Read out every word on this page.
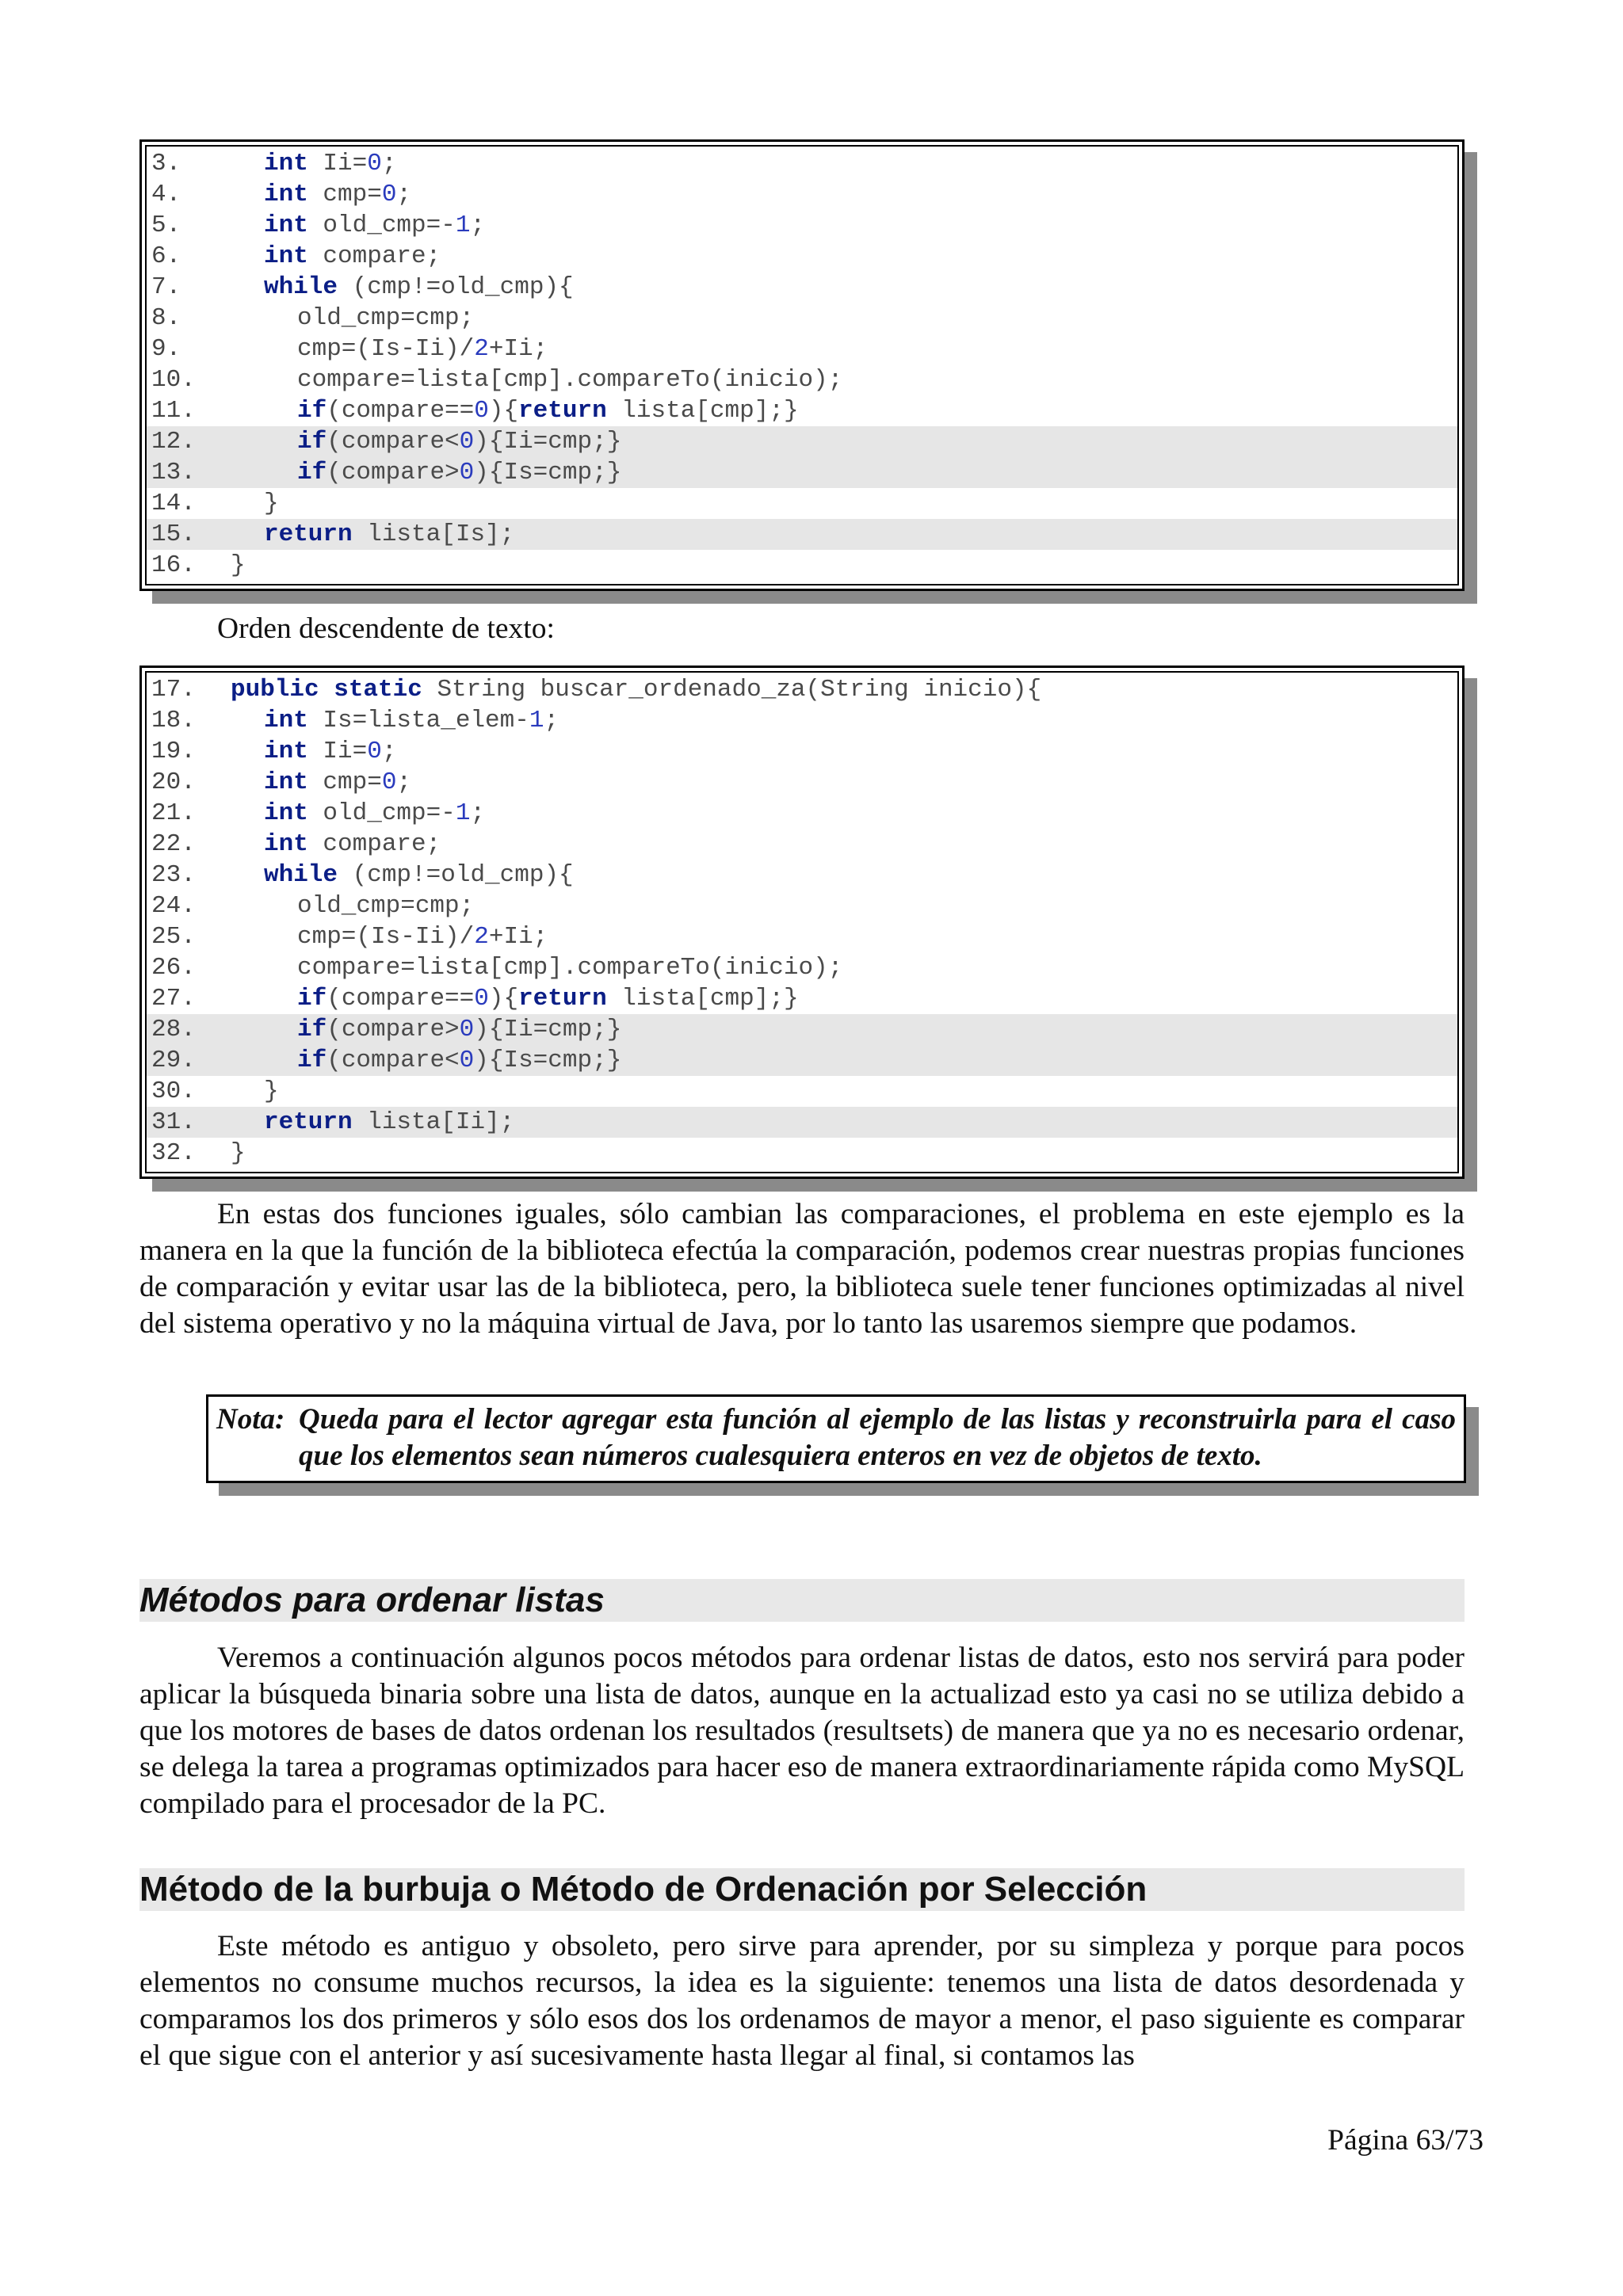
3.	int Ii=0;
4.	int cmp=0;
5.	int old_cmp=-1;
6.	int compare;
7.	while (cmp!=old_cmp){
8.	old_cmp=cmp;
9.	cmp=(Is-Ii)/2+Ii;
10.	compare=lista[cmp].compareTo(inicio);
11.	if(compare==0){return lista[cmp];}
12.	if(compare<0){Ii=cmp;}
13.	if(compare>0){Is=cmp;}
14.	}
15.	return lista[Is];
16.	}
Orden descendente de texto:
17.	public static String buscar_ordenado_za(String inicio){
18.	int Is=lista_elem-1;
19.	int Ii=0;
20.	int cmp=0;
21.	int old_cmp=-1;
22.	int compare;
23.	while (cmp!=old_cmp){
24.	old_cmp=cmp;
25.	cmp=(Is-Ii)/2+Ii;
26.	compare=lista[cmp].compareTo(inicio);
27.	if(compare==0){return lista[cmp];}
28.	if(compare>0){Ii=cmp;}
29.	if(compare<0){Is=cmp;}
30.	}
31.	return lista[Ii];
32.	}

En estas dos funciones iguales, sólo cambian las comparaciones, el problema en este ejemplo es la manera en la que la función de la biblioteca efectúa la comparación, podemos crear nuestras propias funciones de comparación y evitar usar las de la biblioteca, pero, la biblioteca suele tener funciones optimizadas al nivel del sistema operativo y no la máquina virtual de Java, por lo tanto las usaremos siempre que podamos.

Nota: Queda para el lector agregar esta función al ejemplo de las listas y reconstruirla para el caso que los elementos sean números cualesquiera enteros en vez de objetos de texto.
Métodos para ordenar listas

Veremos a continuación algunos pocos métodos para ordenar listas de datos, esto nos servirá para poder aplicar la búsqueda binaria sobre una lista de datos, aunque en la actualizad esto ya casi no se utiliza debido a que los motores de bases de datos ordenan los resultados (resultsets) de manera que ya no es necesario ordenar, se delega la tarea a programas optimizados para hacer eso de manera extraordinariamente rápida como MySQL compilado para el procesador de la PC.

Método de la burbuja o Método de Ordenación por Selección

Este método es antiguo y obsoleto, pero sirve para aprender, por su simpleza y porque para pocos elementos no consume muchos recursos, la idea es la siguiente: tenemos una lista de datos desordenada y comparamos los dos primeros y sólo esos dos los ordenamos de mayor a menor, el paso siguiente es comparar el que sigue con el anterior y así sucesivamente hasta llegar al final, si contamos las

Página 63/73
